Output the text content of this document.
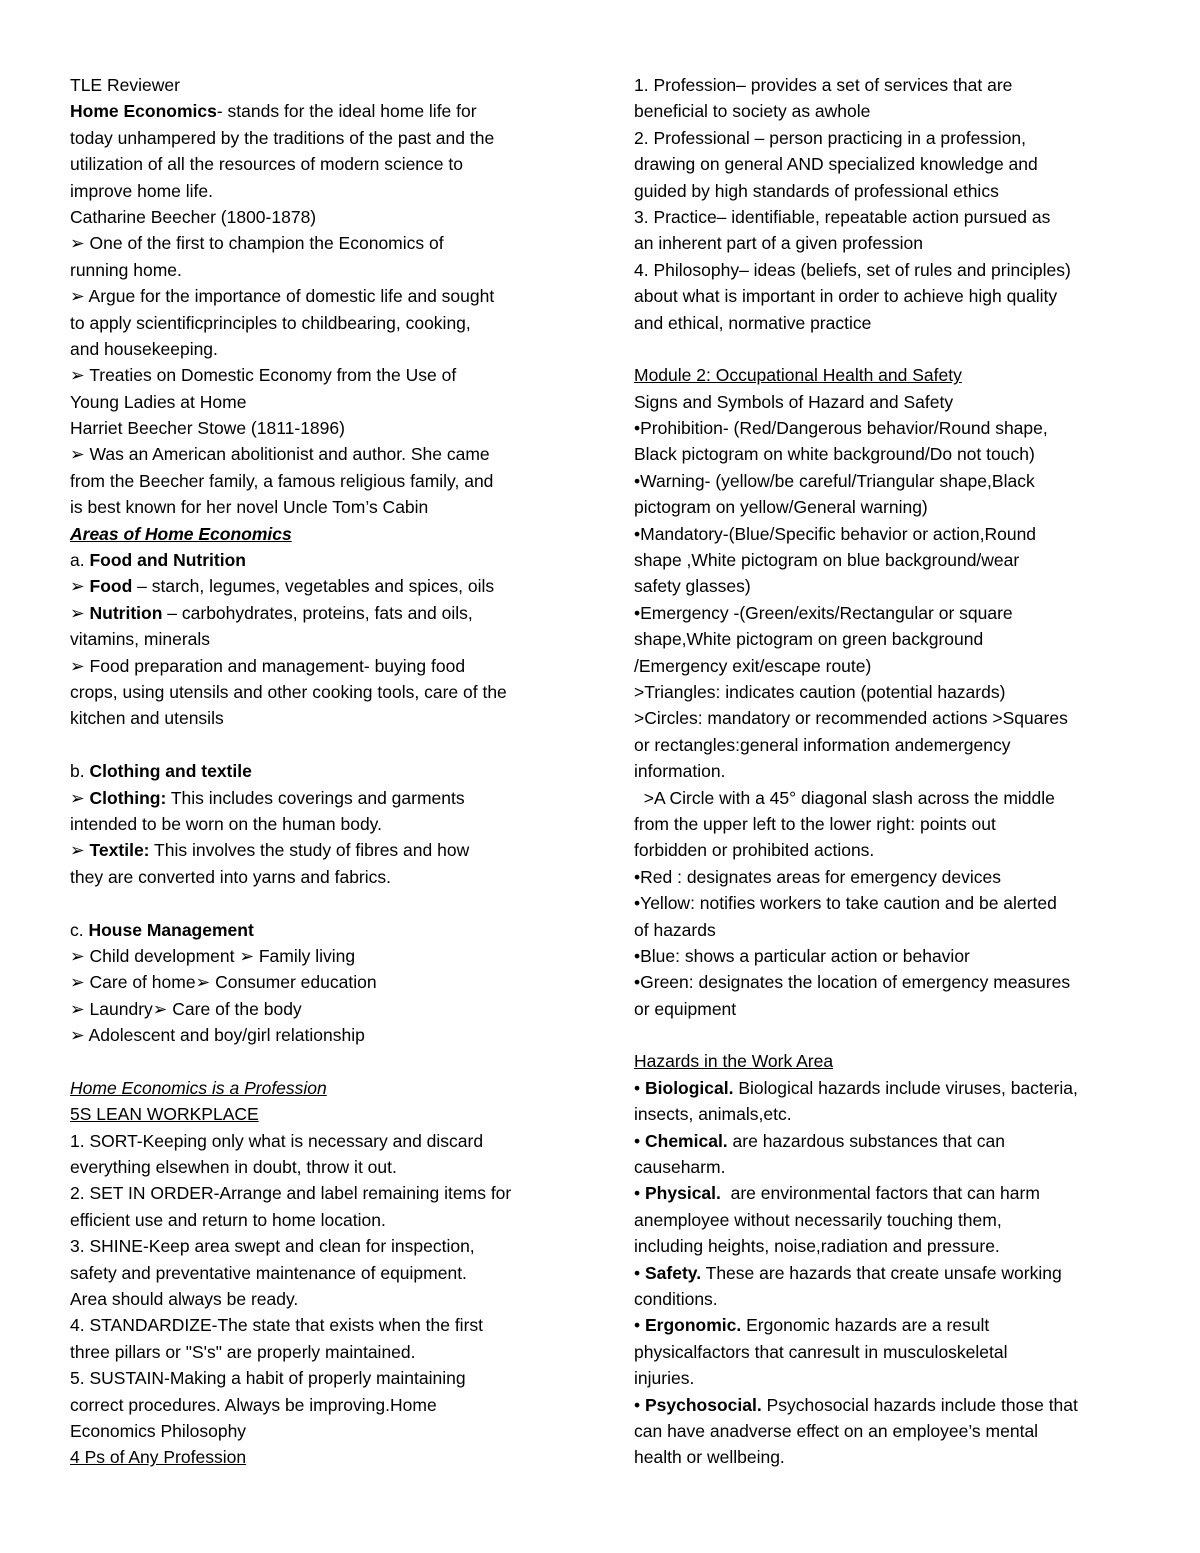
TLE Reviewer
Home Economics- stands for the ideal home life for
today unhampered by the traditions of the past and the
utilization of all the resources of modern science to
improve home life.
Catharine Beecher (1800-1878)
➢ One of the first to champion the Economics of
running home.
➢ Argue for the importance of domestic life and sought
to apply scientificprinciples to childbearing, cooking,
and housekeeping.
➢ Treaties on Domestic Economy from the Use of
Young Ladies at Home
Harriet Beecher Stowe (1811-1896)
➢ Was an American abolitionist and author. She came
from the Beecher family, a famous religious family, and
is best known for her novel Uncle Tom’s Cabin
Areas of Home Economics
a. Food and Nutrition
➢ Food – starch, legumes, vegetables and spices, oils
➢ Nutrition – carbohydrates, proteins, fats and oils,
vitamins, minerals
➢ Food preparation and management- buying food
crops, using utensils and other cooking tools, care of the
kitchen and utensils
b. Clothing and textile
➢ Clothing: This includes coverings and garments
intended to be worn on the human body.
➢ Textile: This involves the study of fibres and how
they are converted into yarns and fabrics.
c. House Management
➢ Child development ➢ Family living
➢ Care of home➢ Consumer education
➢ Laundry➢ Care of the body
➢ Adolescent and boy/girl relationship
Home Economics is a Profession
5S LEAN WORKPLACE
1. SORT-Keeping only what is necessary and discard
everything elsewhen in doubt, throw it out.
2. SET IN ORDER-Arrange and label remaining items for
efficient use and return to home location.
3. SHINE-Keep area swept and clean for inspection,
safety and preventative maintenance of equipment.
Area should always be ready.
4. STANDARDIZE-The state that exists when the first
three pillars or "S's" are properly maintained.
5. SUSTAIN-Making a habit of properly maintaining
correct procedures. Always be improving.Home
Economics Philosophy
4 Ps of Any Profession
1. Profession– provides a set of services that are
beneficial to society as awhole
2. Professional – person practicing in a profession,
drawing on general AND specialized knowledge and
guided by high standards of professional ethics
3. Practice– identifiable, repeatable action pursued as
an inherent part of a given profession
4. Philosophy– ideas (beliefs, set of rules and principles)
about what is important in order to achieve high quality
and ethical, normative practice
Module 2: Occupational Health and Safety
Signs and Symbols of Hazard and Safety
•Prohibition- (Red/Dangerous behavior/Round shape,
Black pictogram on white background/Do not touch)
•Warning- (yellow/be careful/Triangular shape,Black
pictogram on yellow/General warning)
•Mandatory-(Blue/Specific behavior or action,Round
shape ,White pictogram on blue background/wear
safety glasses)
•Emergency -(Green/exits/Rectangular or square
shape,White pictogram on green background
/Emergency exit/escape route)
>Triangles: indicates caution (potential hazards)
>Circles: mandatory or recommended actions >Squares
or rectangles:general information andemergency
information.
>A Circle with a 45° diagonal slash across the middle
from the upper left to the lower right: points out
forbidden or prohibited actions.
•Red : designates areas for emergency devices
•Yellow: notifies workers to take caution and be alerted
of hazards
•Blue: shows a particular action or behavior
•Green: designates the location of emergency measures
or equipment
Hazards in the Work Area
• Biological. Biological hazards include viruses, bacteria,
insects, animals,etc.
• Chemical. are hazardous substances that can
causeharm.
• Physical.  are environmental factors that can harm
anemployee without necessarily touching them,
including heights, noise,radiation and pressure.
• Safety. These are hazards that create unsafe working
conditions.
• Ergonomic. Ergonomic hazards are a result
physicalfactors that canresult in musculoskeletal
injuries.
• Psychosocial. Psychosocial hazards include those that
can have anadverse effect on an employee’s mental
health or wellbeing.
